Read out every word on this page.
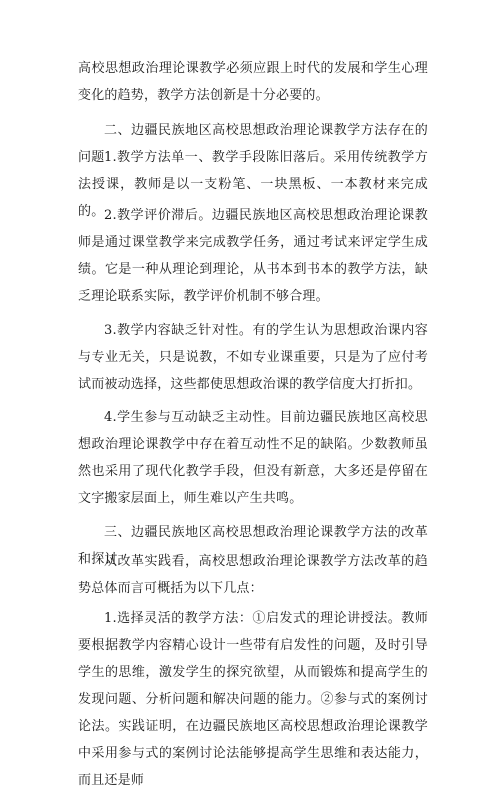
高校思想政治理论课教学必须应跟上时代的发展和学生心理变化的趋势，教学方法创新是十分必要的。

二、边疆民族地区高校思想政治理论课教学方法存在的问题 1.教学方法单一、教学手段陈旧落后。采用传统教学方法授课，教师是以一支粉笔、一块黑板、一本教材来完成的。 2.教学评价滞后。边疆民族地区高校思想政治理论课教师是通过课堂教学来完成教学任务，通过考试来评定学生成绩。它是一种从理论到理论，从书本到书本的教学方法，缺乏理论联系实际，教学评价机制不够合理。

3.教学内容缺乏针对性。有的学生认为思想政治课内容与专业无关，只是说教，不如专业课重要，只是为了应付考试而被动选择，这些都使思想政治课的教学信度大打折扣。

4.学生参与互动缺乏主动性。目前边疆民族地区高校思想政治理论课教学中存在着互动性不足的缺陷。少数教师虽然也采用了现代化教学手段，但没有新意，大多还是停留在文字搬家层面上，师生难以产生共鸣。

三、边疆民族地区高校思想政治理论课教学方法的改革和探讨

从改革实践看，高校思想政治理论课教学方法改革的趋势总体而言可概括为以下几点：

1.选择灵活的教学方法：①启发式的理论讲授法。教师要根据教学内容精心设计一些带有启发性的问题，及时引导学生的思维，激发学生的探究欲望，从而锻炼和提高学生的发现问题、分析问题和解决问题的能力。②参与式的案例讨论法。实践证明，在边疆民族地区高校思想政治理论课教学中采用参与式的案例讨论法能够提高学生思维和表达能力，而且还是师
